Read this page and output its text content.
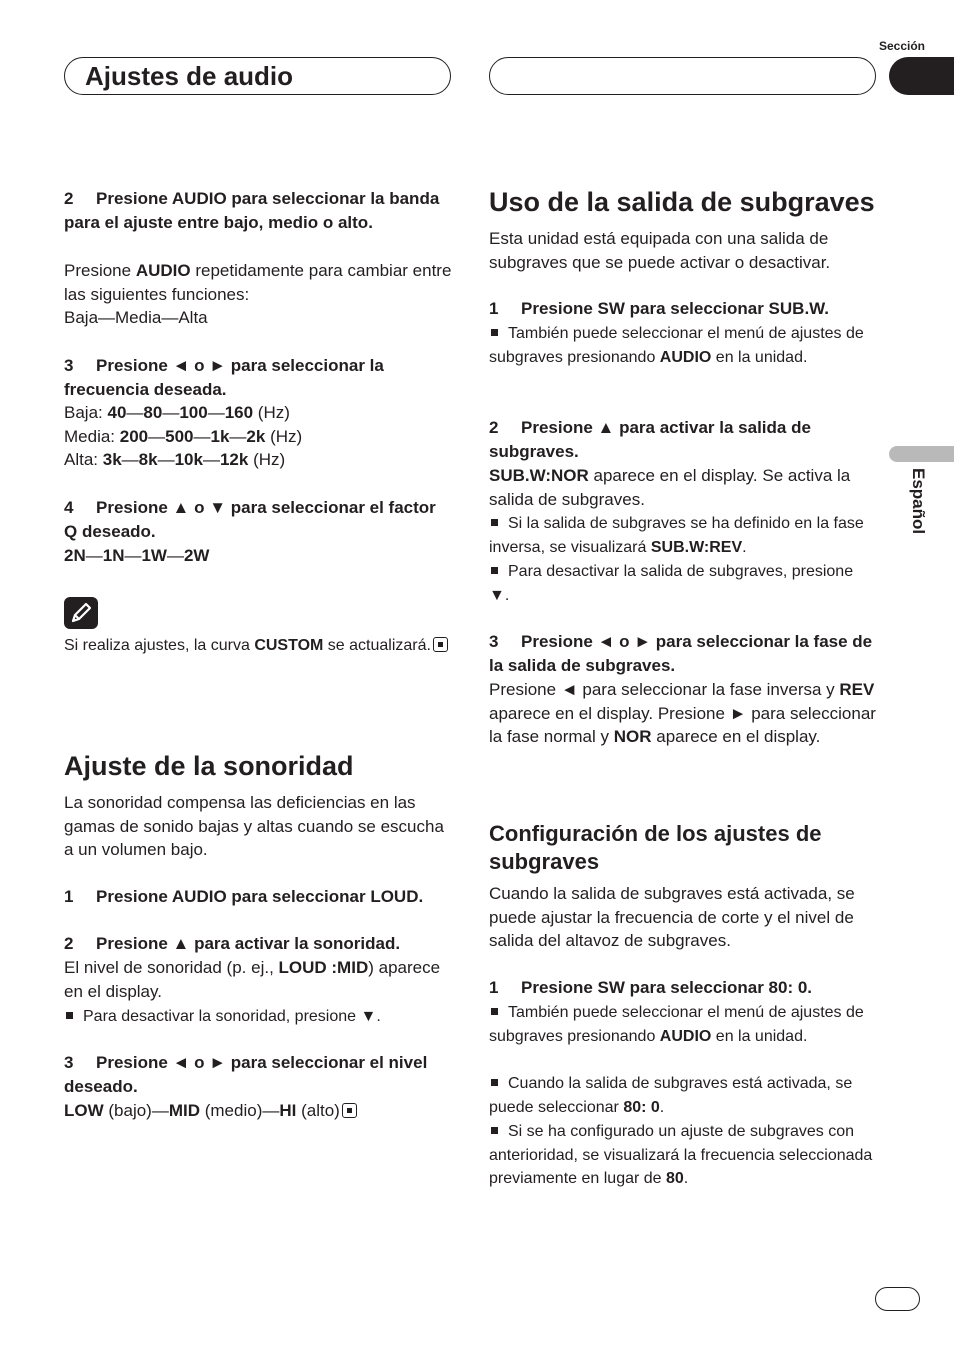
Ajustes de audio
Sección
Español

2 Presione AUDIO para seleccionar la banda para el ajuste entre bajo, medio o alto.

Presione AUDIO repetidamente para cambiar entre las siguientes funciones:
Baja—Media—Alta

3 Presione ◄ o ► para seleccionar la frecuencia deseada.

Baja: 40—80—100—160 (Hz)
Media: 200—500—1k—2k (Hz)
Alta: 3k—8k—10k—12k (Hz)

4 Presione ▲ o ▼ para seleccionar el factor Q deseado.

2N—1N—1W—2W

Si realiza ajustes, la curva CUSTOM se actualizará.

Ajuste de la sonoridad

La sonoridad compensa las deficiencias en las gamas de sonido bajas y altas cuando se escucha a un volumen bajo.

1 Presione AUDIO para seleccionar LOUD.

2 Presione ▲ para activar la sonoridad.

El nivel de sonoridad (p. ej., LOUD :MID) aparece en el display.

Para desactivar la sonoridad, presione ▼.

3 Presione ◄ o ► para seleccionar el nivel deseado.

LOW (bajo)—MID (medio)—HI (alto)

Uso de la salida de subgraves

Esta unidad está equipada con una salida de subgraves que se puede activar o desactivar.

1 Presione SW para seleccionar SUB.W.

También puede seleccionar el menú de ajustes de subgraves presionando AUDIO en la unidad.

2 Presione ▲ para activar la salida de subgraves.

SUB.W:NOR aparece en el display. Se activa la salida de subgraves.

Si la salida de subgraves se ha definido en la fase inversa, se visualizará SUB.W:REV.

Para desactivar la salida de subgraves, presione ▼.

3 Presione ◄ o ► para seleccionar la fase de la salida de subgraves.

Presione ◄ para seleccionar la fase inversa y REV aparece en el display. Presione ► para seleccionar la fase normal y NOR aparece en el display.

Configuración de los ajustes de subgraves

Cuando la salida de subgraves está activada, se puede ajustar la frecuencia de corte y el nivel de salida del altavoz de subgraves.

1 Presione SW para seleccionar 80: 0.

También puede seleccionar el menú de ajustes de subgraves presionando AUDIO en la unidad.

Cuando la salida de subgraves está activada, se puede seleccionar 80: 0.

Si se ha configurado un ajuste de subgraves con anterioridad, se visualizará la frecuencia seleccionada previamente en lugar de 80.
